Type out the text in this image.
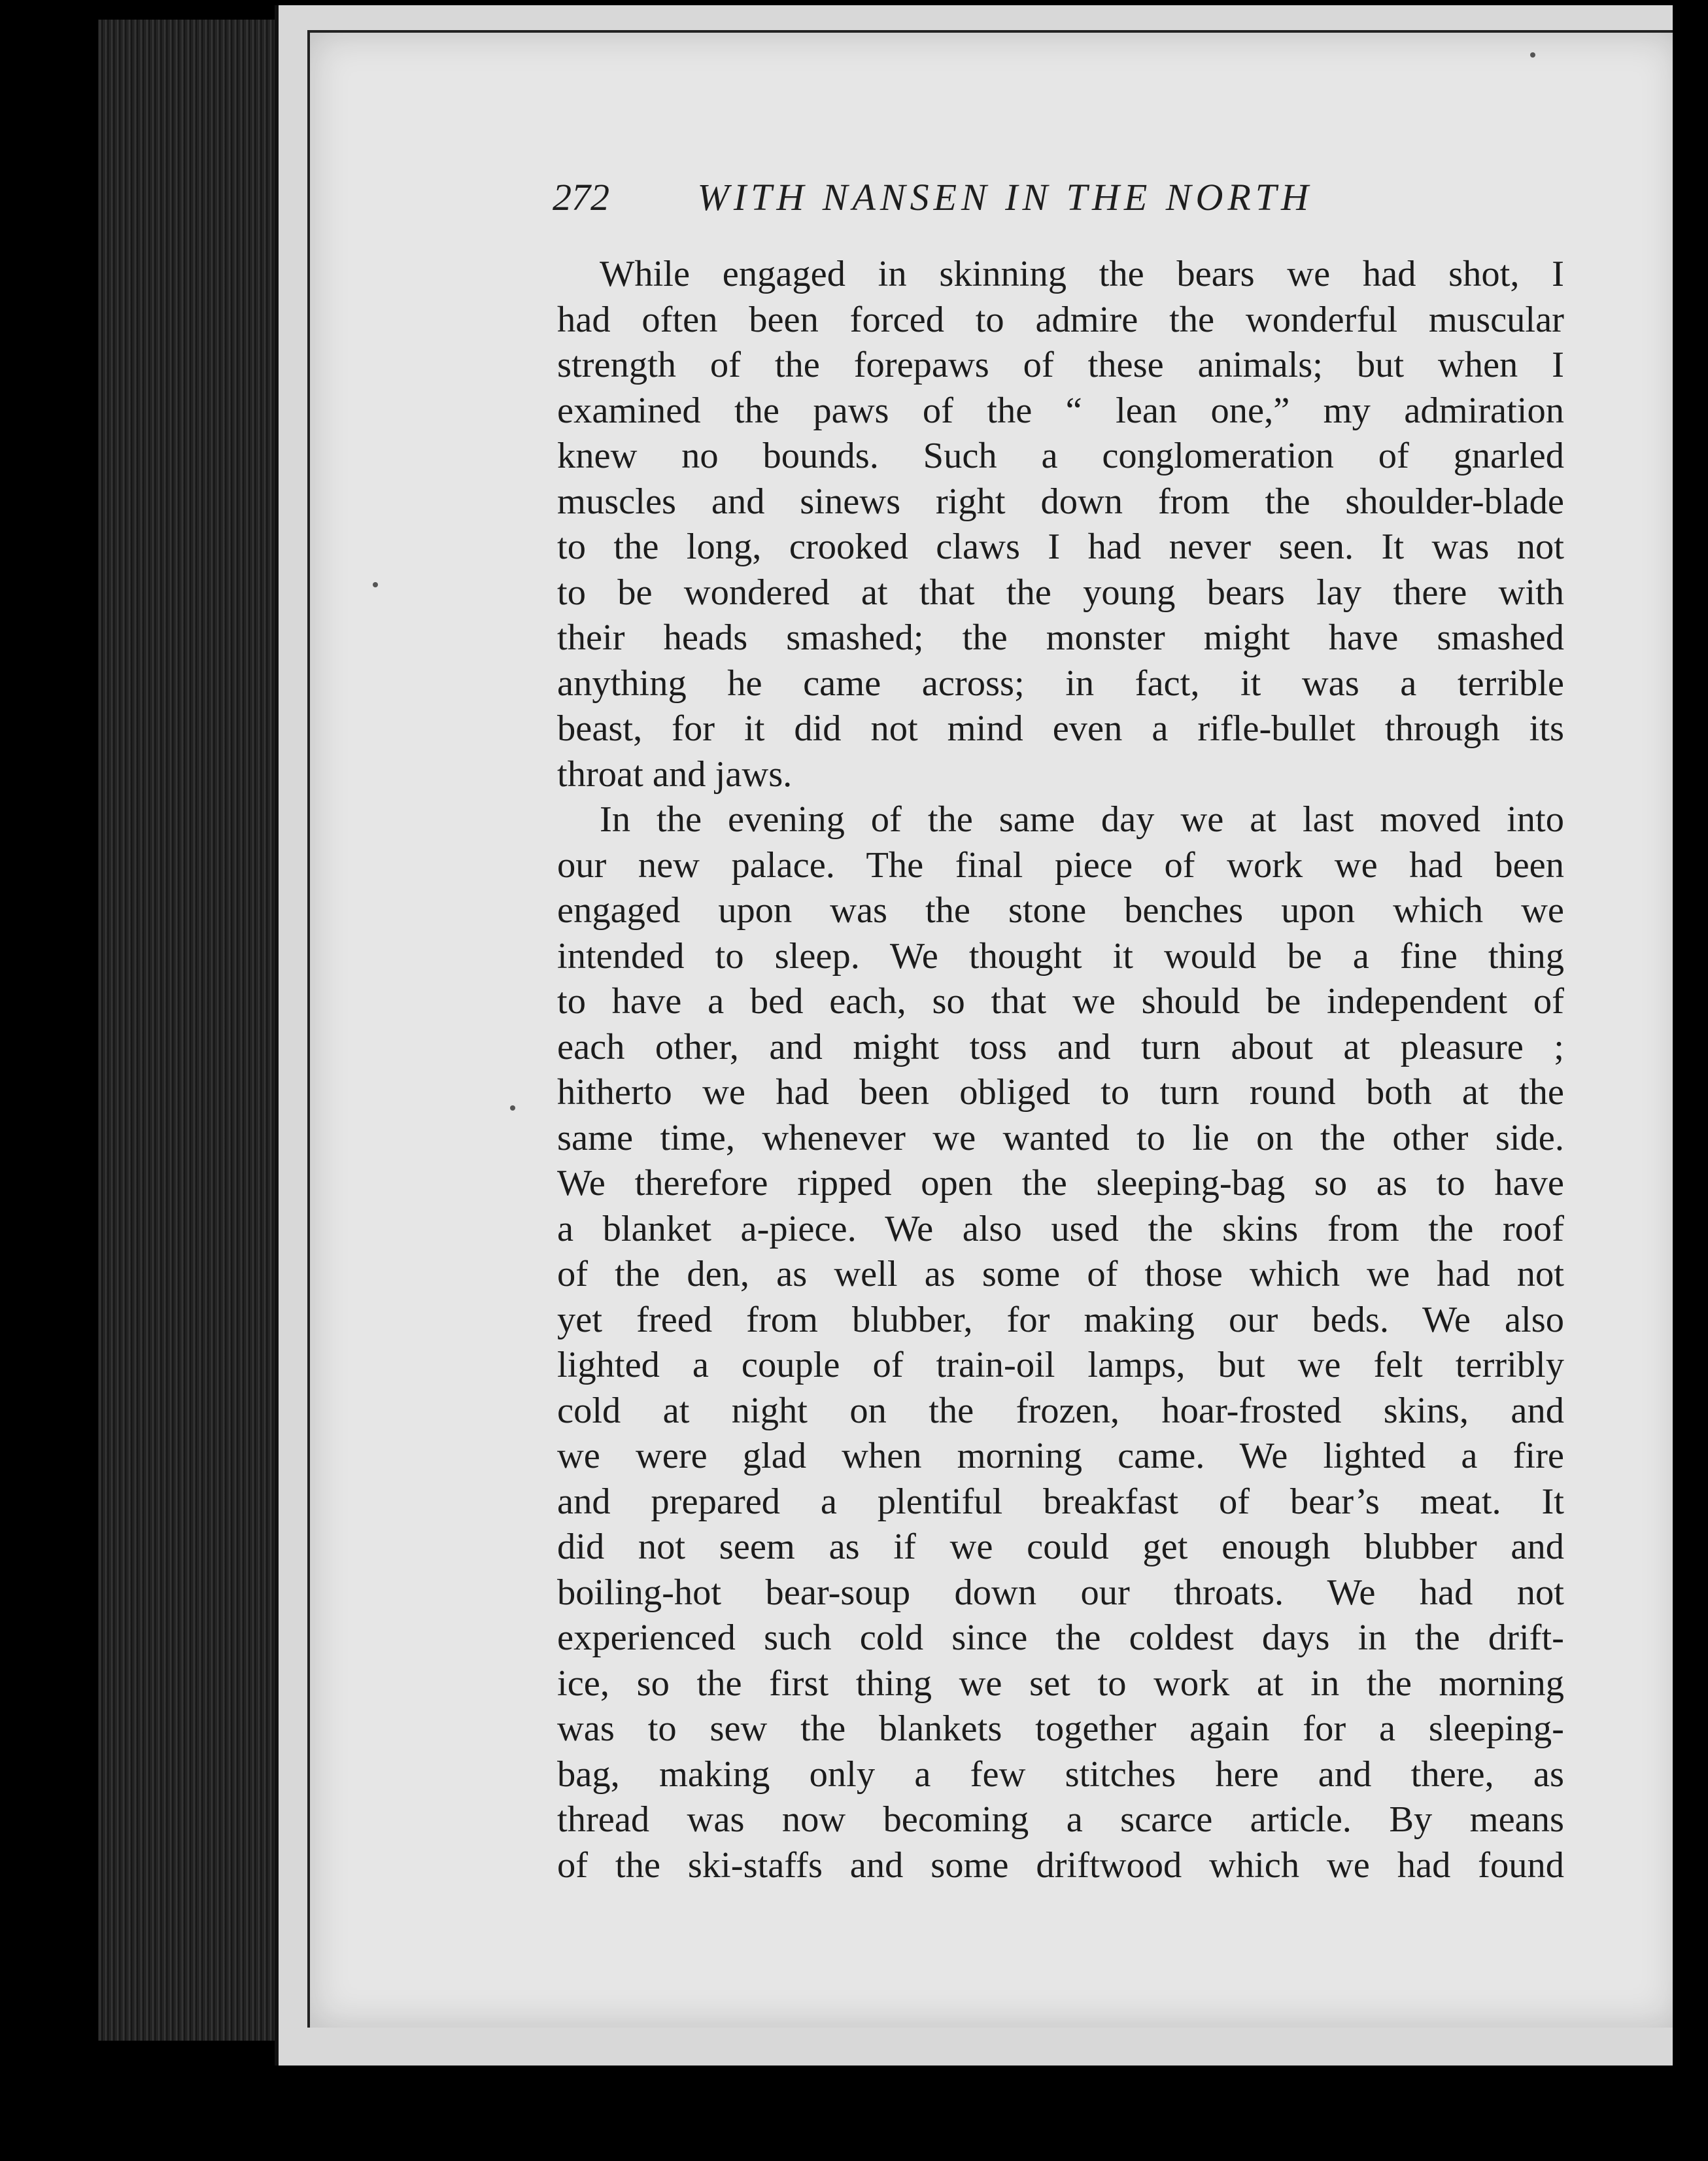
272 WITH NANSEN IN THE NORTH
While engaged in skinning the bears we had shot, I
had often been forced to admire the wonderful muscular
strength of the forepaws of these animals; but when I
examined the paws of the “ lean one,” my admiration
knew no bounds. Such a conglomeration of gnarled
muscles and sinews right down from the shoulder-blade
to the long, crooked claws I had never seen. It was not
to be wondered at that the young bears lay there with
their heads smashed; the monster might have smashed
anything he came across; in fact, it was a terrible
beast, for it did not mind even a rifle-bullet through its
throat and jaws.
In the evening of the same day we at last moved into
our new palace. The final piece of work we had been
engaged upon was the stone benches upon which we
intended to sleep. We thought it would be a fine thing
to have a bed each, so that we should be independent of
each other, and might toss and turn about at pleasure ;
hitherto we had been obliged to turn round both at the
same time, whenever we wanted to lie on the other side.
We therefore ripped open the sleeping-bag so as to have
a blanket a-piece. We also used the skins from the roof
of the den, as well as some of those which we had not
yet freed from blubber, for making our beds. We also
lighted a couple of train-oil lamps, but we felt terribly
cold at night on the frozen, hoar-frosted skins, and
we were glad when morning came. We lighted a fire
and prepared a plentiful breakfast of bear’s meat. It
did not seem as if we could get enough blubber and
boiling-hot bear-soup down our throats. We had not
experienced such cold since the coldest days in the drift-
ice, so the first thing we set to work at in the morning
was to sew the blankets together again for a sleeping-
bag, making only a few stitches here and there, as
thread was now becoming a scarce article. By means
of the ski-staffs and some driftwood which we had found
